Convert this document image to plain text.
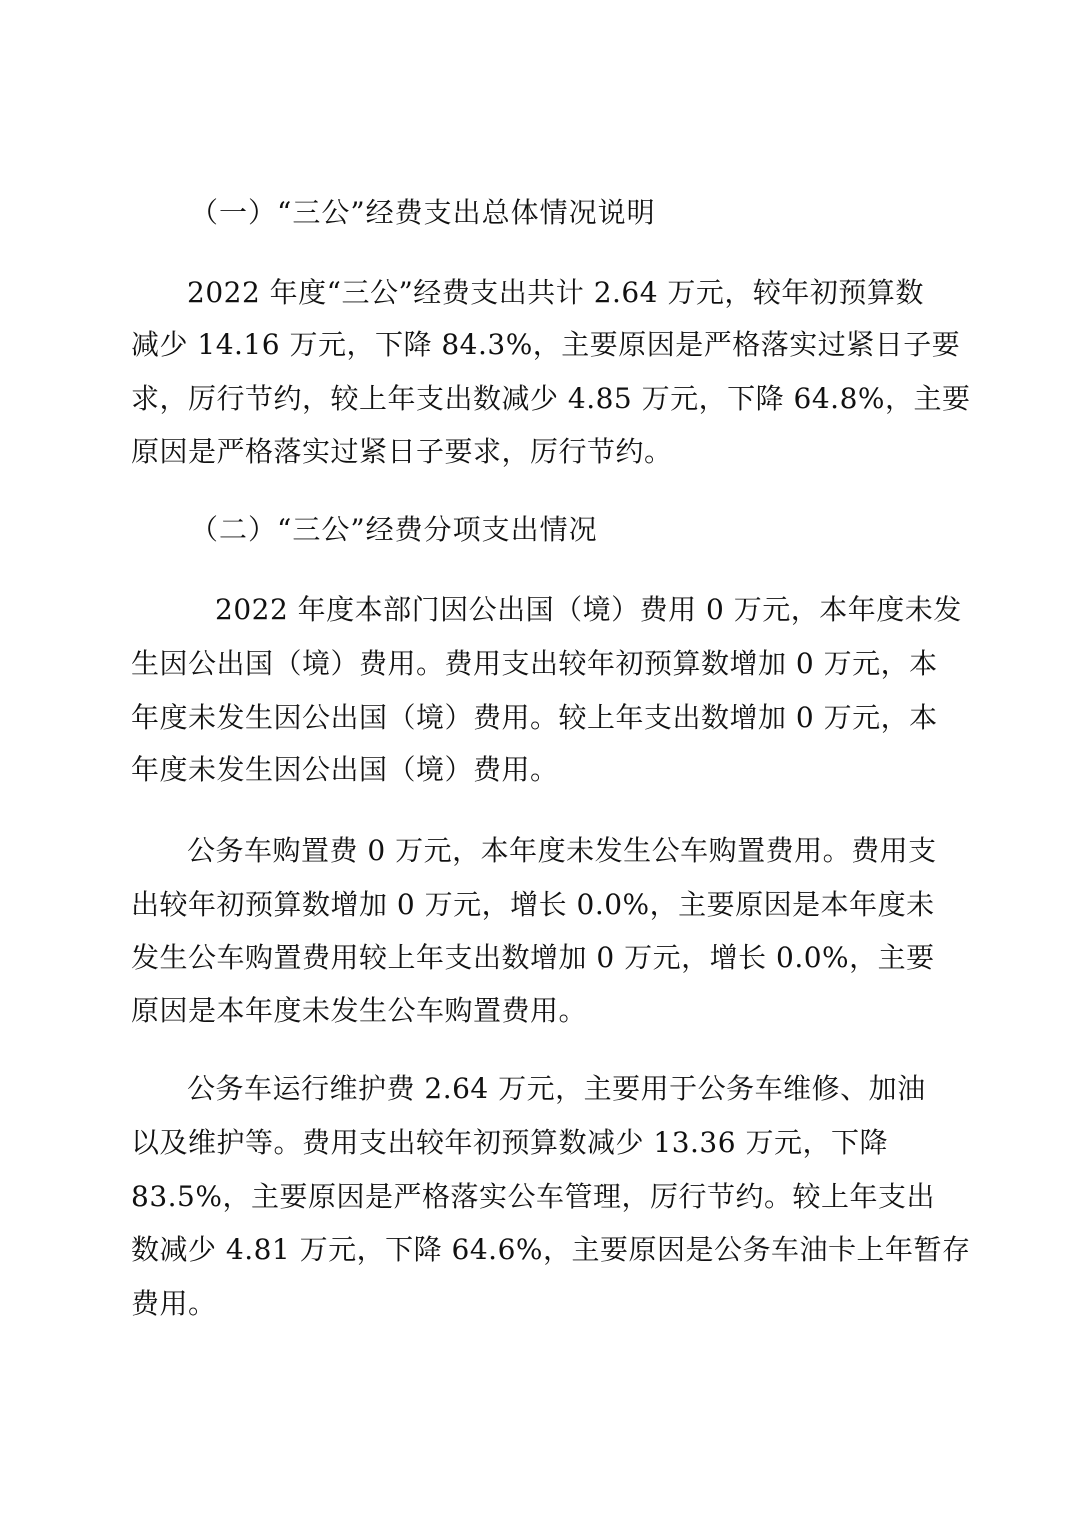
（一）“三公”经费支出总体情况说明
2022 年度“三公”经费支出共计 2.64 万元，较年初预算数
减少 14.16 万元，下降 84.3%，主要原因是严格落实过紧日子要
求，厉行节约，较上年支出数减少 4.85 万元，下降 64.8%，主要
原因是严格落实过紧日子要求，厉行节约。
（二）“三公”经费分项支出情况
2022 年度本部门因公出国（境）费用 0 万元，本年度未发
生因公出国（境）费用。费用支出较年初预算数增加 0 万元，本
年度未发生因公出国（境）费用。较上年支出数增加 0 万元，本
年度未发生因公出国（境）费用。
公务车购置费 0 万元，本年度未发生公车购置费用。费用支
出较年初预算数增加 0 万元，增长 0.0%，主要原因是本年度未
发生公车购置费用较上年支出数增加 0 万元，增长 0.0%，主要
原因是本年度未发生公车购置费用。
公务车运行维护费 2.64 万元，主要用于公务车维修、加油
以及维护等。费用支出较年初预算数减少 13.36 万元，下降
83.5%，主要原因是严格落实公车管理，厉行节约。较上年支出
数减少 4.81 万元，下降 64.6%，主要原因是公务车油卡上年暂存
费用。
